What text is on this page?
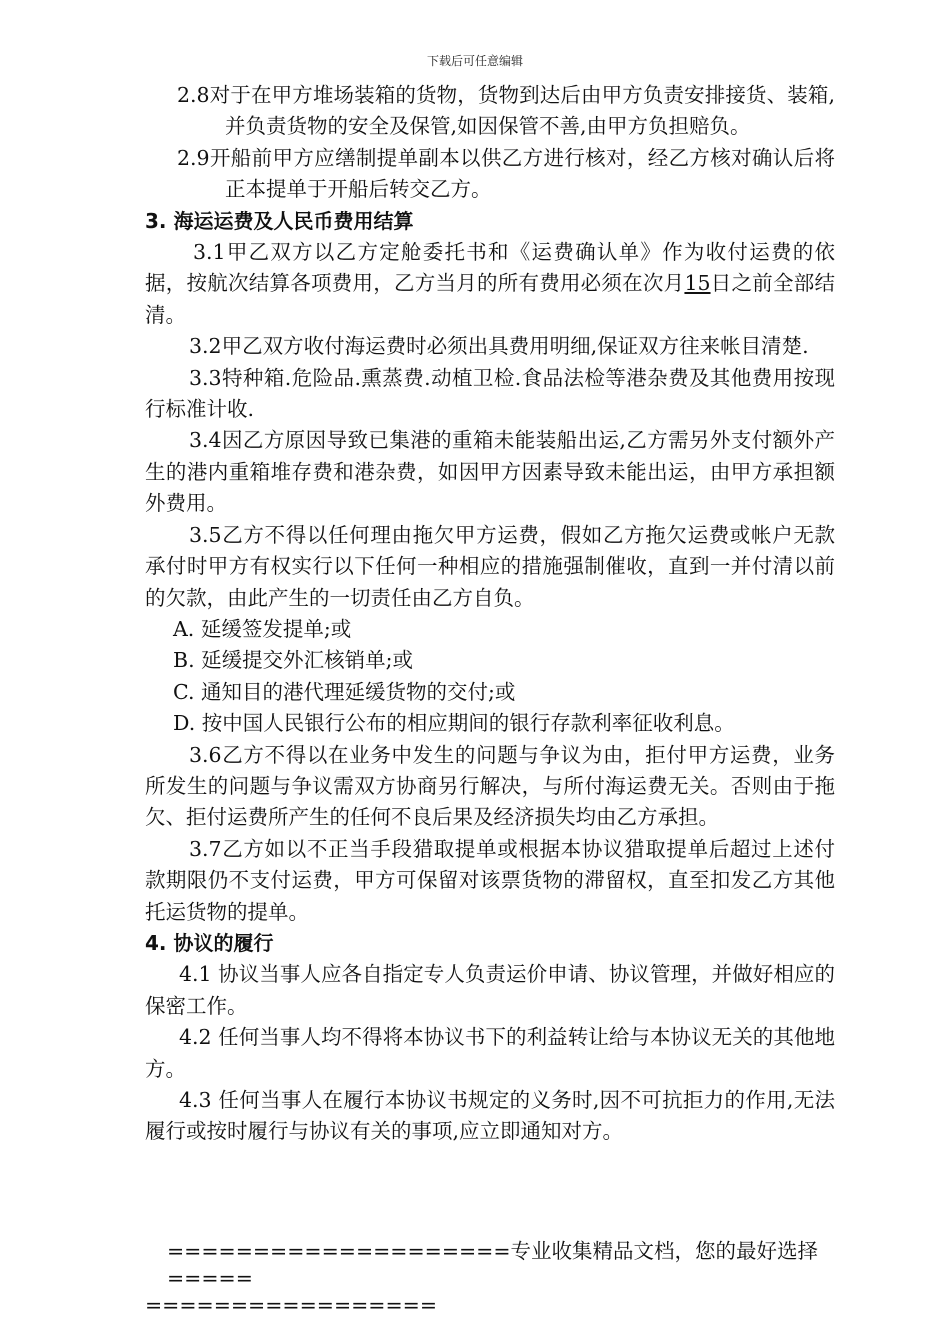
下载后可任意编辑

2.8对于在甲方堆场装箱的货物，货物到达后由甲方负责安排接货、装箱,并负责货物的安全及保管,如因保管不善,由甲方负担赔负。

2.9开船前甲方应缮制提单副本以供乙方进行核对，经乙方核对确认后将正本提单于开船后转交乙方。

3. 海运运费及人民币费用结算

3.1甲乙双方以乙方定舱委托书和《运费确认单》作为收付运费的依据，按航次结算各项费用，乙方当月的所有费用必须在次月15日之前全部结清。

3.2甲乙双方收付海运费时必须出具费用明细,保证双方往来帐目清楚.

3.3特种箱.危险品.熏蒸费.动植卫检.食品法检等港杂费及其他费用按现行标准计收.

3.4因乙方原因导致已集港的重箱未能装船出运,乙方需另外支付额外产生的港内重箱堆存费和港杂费，如因甲方因素导致未能出运，由甲方承担额外费用。

3.5乙方不得以任何理由拖欠甲方运费，假如乙方拖欠运费或帐户无款承付时甲方有权实行以下任何一种相应的措施强制催收，直到一并付清以前的欠款，由此产生的一切责任由乙方自负。

A. 延缓签发提单;或

B. 延缓提交外汇核销单;或

C. 通知目的港代理延缓货物的交付;或

D. 按中国人民银行公布的相应期间的银行存款利率征收利息。

3.6乙方不得以在业务中发生的问题与争议为由，拒付甲方运费，业务所发生的问题与争议需双方协商另行解决，与所付海运费无关。否则由于拖欠、拒付运费所产生的任何不良后果及经济损失均由乙方承担。

3.7乙方如以不正当手段猎取提单或根据本协议猎取提单后超过上述付款期限仍不支付运费，甲方可保留对该票货物的滞留权，直至扣发乙方其他托运货物的提单。

4. 协议的履行

4.1 协议当事人应各自指定专人负责运价申请、协议管理，并做好相应的保密工作。

4.2 任何当事人均不得将本协议书下的利益转让给与本协议无关的其他地方。

4.3 任何当事人在履行本协议书规定的义务时,因不可抗拒力的作用,无法履行或按时履行与协议有关的事项,应立即通知对方。

====================专业收集精品文档，您的最好选择=====
=================
